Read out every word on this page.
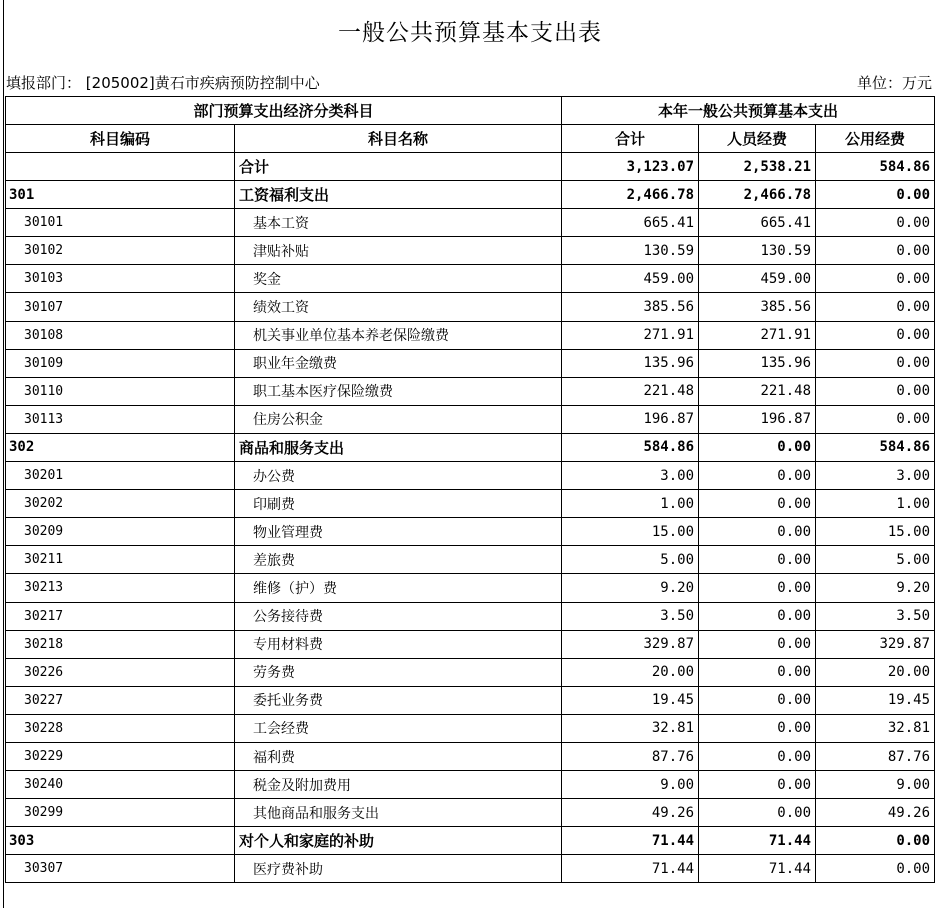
一般公共预算基本支出表
填报部门： [205002]黄石市疾病预防控制中心	单位：万元
部门预算支出经济分类科目		本年一般公共预算基本支出		
科目编码	科目名称	合计	人员经费	公用经费
	合计	3,123.07	2,538.21	584.86
301	工资福利支出	2,466.78	2,466.78	0.00
30101	基本工资	665.41	665.41	0.00
30102	津贴补贴	130.59	130.59	0.00
30103	奖金	459.00	459.00	0.00
30107	绩效工资	385.56	385.56	0.00
30108	机关事业单位基本养老保险缴费	271.91	271.91	0.00
30109	职业年金缴费	135.96	135.96	0.00
30110	职工基本医疗保险缴费	221.48	221.48	0.00
30113	住房公积金	196.87	196.87	0.00
302	商品和服务支出	584.86	0.00	584.86
30201	办公费	3.00	0.00	3.00
30202	印刷费	1.00	0.00	1.00
30209	物业管理费	15.00	0.00	15.00
30211	差旅费	5.00	0.00	5.00
30213	维修（护）费	9.20	0.00	9.20
30217	公务接待费	3.50	0.00	3.50
30218	专用材料费	329.87	0.00	329.87
30226	劳务费	20.00	0.00	20.00
30227	委托业务费	19.45	0.00	19.45
30228	工会经费	32.81	0.00	32.81
30229	福利费	87.76	0.00	87.76
30240	税金及附加费用	9.00	0.00	9.00
30299	其他商品和服务支出	49.26	0.00	49.26
303	对个人和家庭的补助	71.44	71.44	0.00
30307	医疗费补助	71.44	71.44	0.00
